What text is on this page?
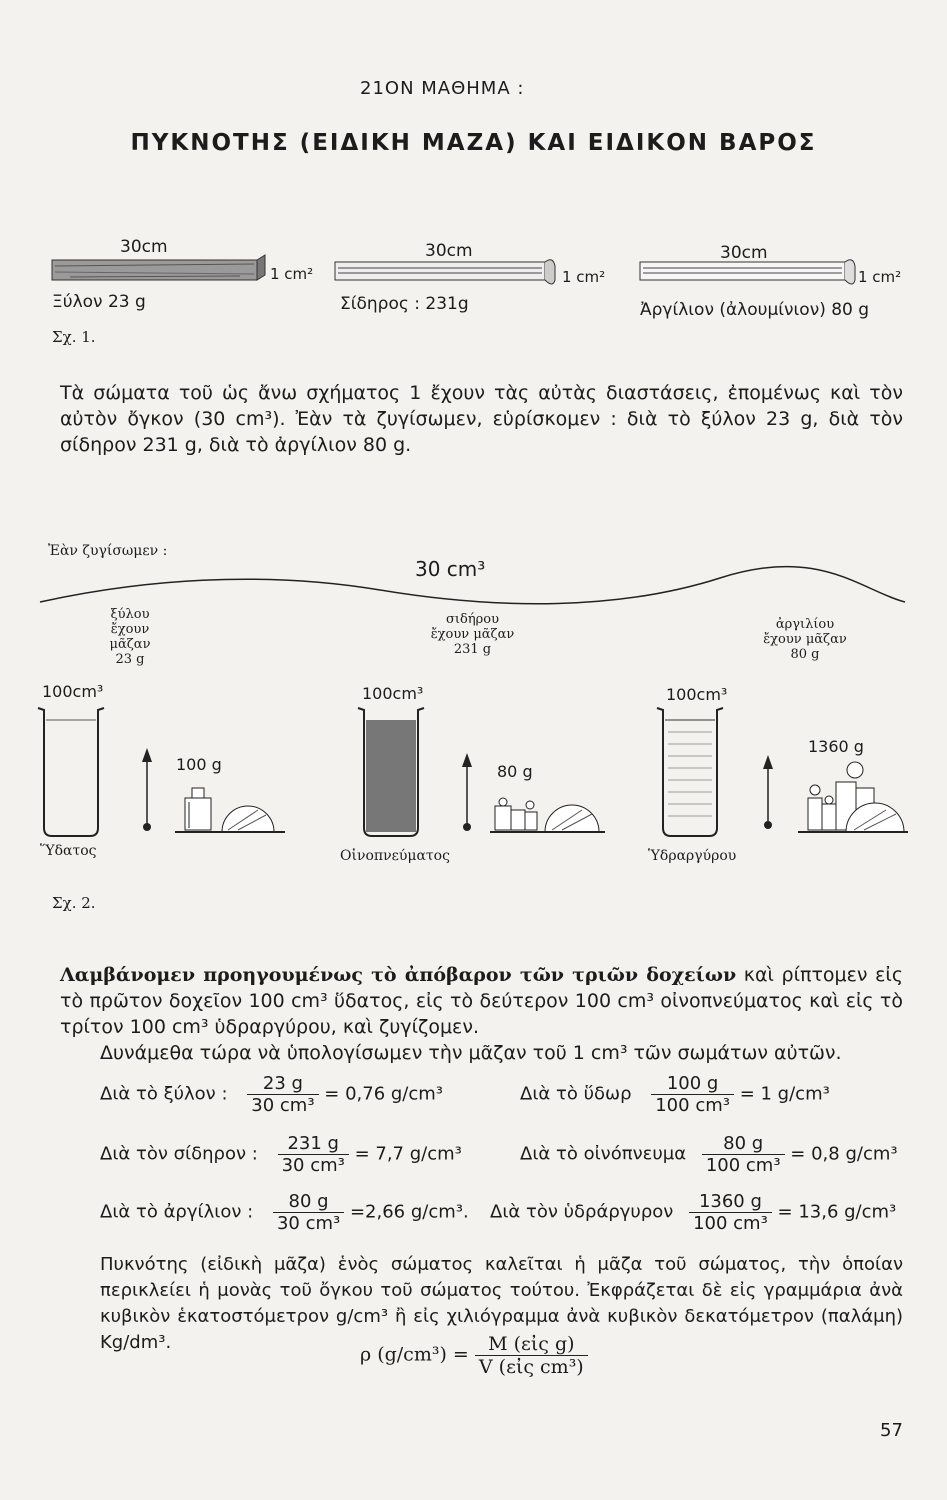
21ΟΝ ΜΑΘΗΜΑ :
ΠΥΚΝΟΤΗΣ (ΕΙΔΙΚΗ ΜΑΖΑ) ΚΑΙ ΕΙΔΙΚΟΝ ΒΑΡΟΣ
30cm
1 cm²
Ξύλον 23 g
30cm
1 cm²
Σίδηρος : 231g
30cm
1 cm²
Ἀργίλιον (ἀλουμίνιον) 80 g
Σχ. 1.
Τὰ σώματα τοῦ ὡς ἄνω σχήματος 1 ἔχουν τὰς αὐτὰς διαστάσεις, ἐπομένως καὶ τὸν αὐτὸν ὄγκον (30 cm³). Ἐὰν τὰ ζυγίσωμεν, εὑρίσκομεν : διὰ τὸ ξύλον 23 g, διὰ τὸν σίδηρον 231 g, διὰ τὸ ἀργίλιον 80 g.
Ἐὰν ζυγίσωμεν :
30 cm³
ξύλου
ἔχουν μᾶζαν
23 g
σιδήρου
ἔχουν μᾶζαν
231 g
ἀργιλίου
ἔχουν μᾶζαν
80 g
100cm³	100cm³	100cm³
100 g	80 g
1360 g
Ὕδατος	Οἰνοπνεύματος	Ὑδραργύρου
Σχ. 2.
Λαμβάνομεν προηγουμένως τὸ ἀπόβαρον τῶν τριῶν δοχείων καὶ ρίπτομεν εἰς τὸ πρῶτον δοχεῖον 100 cm³ ὕδατος, εἰς τὸ δεύτερον 100 cm³ οἰνοπνεύματος καὶ εἰς τὸ τρίτον 100 cm³ ὑδραργύρου, καὶ ζυγίζομεν.
Δυνάμεθα τώρα νὰ ὑπολογίσωμεν τὴν μᾶζαν τοῦ 1 cm³ τῶν σωμάτων αὐτῶν.
Διὰ τὸ ξύλον : $\frac{23 g}{\text{30 cm³}} = 0,76$ g/cm³	Διὰ τὸ ὕδωρ $\frac{100 g}{\text{100 cm³}} = 1$ g/cm³
Διὰ τὸν σίδηρον : $\frac{231 g}{\text{30 cm³}} = 7,7$ g/cm³	Διὰ τὸ οἰνόπνευμα $\frac{80 g}{\text{100 cm³}} = 0,8$ g/cm³
Διὰ τὸ ἀργίλιον : $\frac{80 g}{\text{30 cm³}} =2,66$ g/cm³. Διὰ τὸν ὑδράργυρον $\frac{1360 g}{\text{100 cm³}} = 13,6$ g/cm³
Πυκνότης (εἰδικὴ μᾶζα) ἑνὸς σώματος καλεῖται ἡ μᾶζα τοῦ σώματος, τὴν ὁποίαν περικλείει ἡ μονὰς τοῦ ὄγκου τοῦ σώματος τούτου. Ἐκφράζεται δὲ εἰς γραμμάρια ἀνὰ κυβικὸν ἑκατοστόμετρον g/cm³ ἢ εἰς χιλιόγραμμα ἀνὰ κυβικὸν δεκατόμετρον (παλάμη) Kg/dm³.
ρ $(g/cm^3) = \frac{\text{M (εἰς g)}}{\text{V (εἰς cm³)}}$
57
